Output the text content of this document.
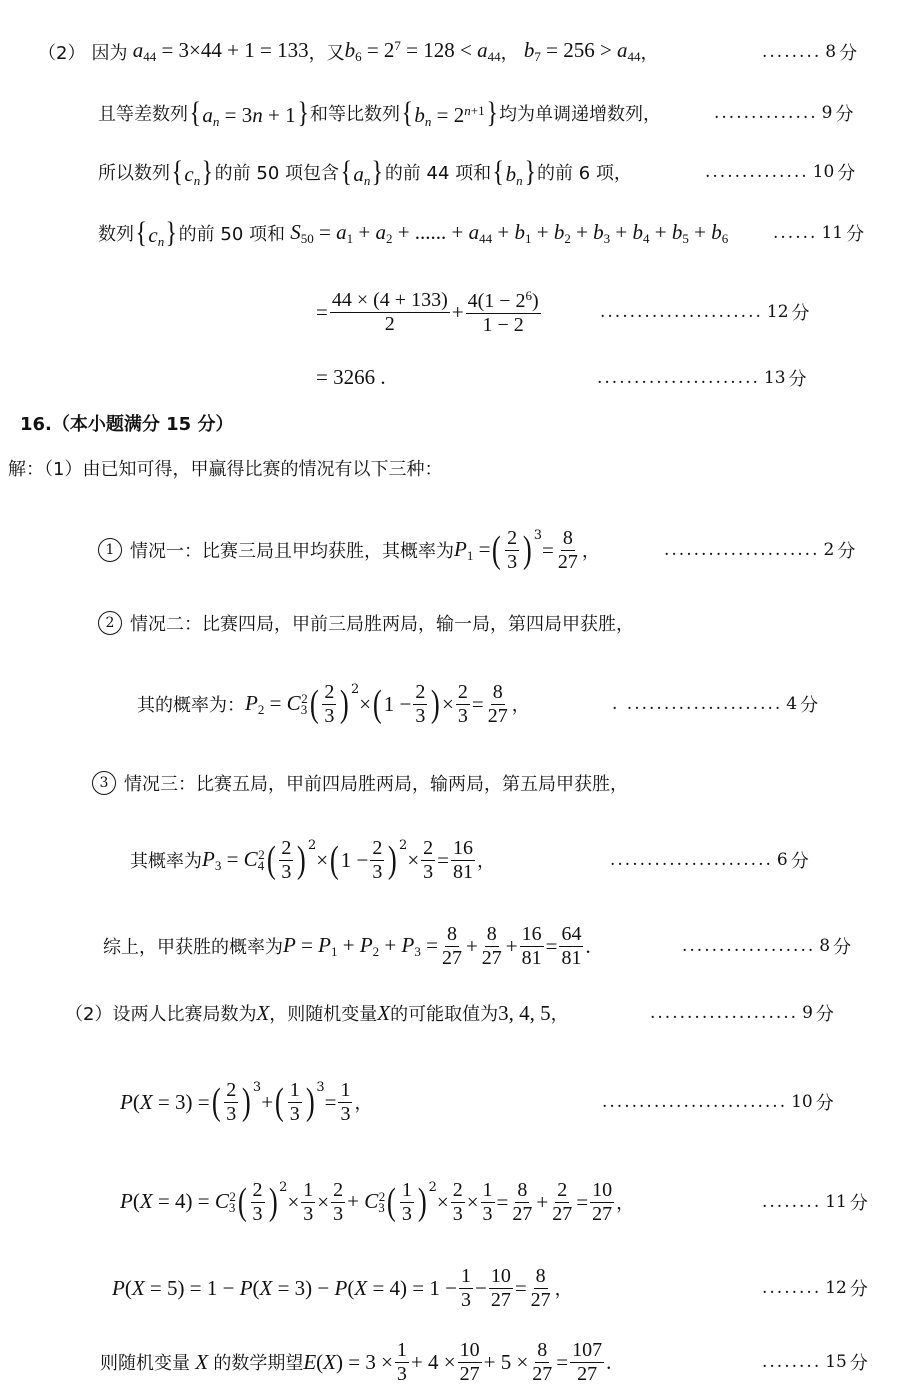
（2） 因为 $a_{44} = 3\times 44 + 1 = 133$ ，又 $b_6 = 2^7 = 128 < a_{44}$ ， $b_7 = 256 > a_{44}$ ，	........ 8 分
且等差数列 $\{a_n = 3n + 1\}$ 和等比数列 $\{b_n = 2^{n+1}\}$ 均为单调递增数列，	.............. 9 分
所以数列 $\{c_n\}$ 的前 50 项包含 $\{a_n\}$ 的前 44 项和 $\{b_n\}$ 的前 6 项，	.............. 10 分
数列 $\{c_n\}$ 的前 50 项和 $S_{50} = a_1 + a_2$ + ...... + $a_{44} + b_1 + b_2 + b_3 + b_4 + b_5 + b_6$	...... 11 分
= $\frac{44 \times (4 + 133)}{2} + \frac{4(1 - 2^6)}{1 - 2}$	...................... 12 分
= 3266 .	...................... 13 分
16.（本小题满分 15 分）
解：（1）由已知可得，甲赢得比赛的情况有以下三种：
1 情况一：比赛三局且甲均获胜，其概率为 $P_1$ = ( $\frac{2}{3} )^3$
= $\frac{8}{27}$ ，	..................... 2 分
2 情况二：比赛四局，甲前三局胜两局，输一局，第四局甲获胜，
其的概率为： $P_2 = C_3^2$ ( $\frac{2}{3} )^2$
× ( $1 - \frac{2}{3}$ ) × $\frac{2}{3} = \frac{8}{27}$ ，	. ..................... 4 分
3 情况三：比赛五局，甲前四局胜两局，输两局，第五局甲获胜，
其概率为 $P_3 = C_4^2$ ( $\frac{2}{3} )^2$
× ( $1 - \frac{2}{3} )^2$
× $\frac{2}{3} = \frac{16}{81}$ ，	...................... 6 分
综上，甲获胜的概率为 $P = P_1 + P_2 + P_3 = \frac{8}{27} + \frac{8}{27} + \frac{16}{81} = \frac{64}{81}$ .	.................. 8 分
（2）设两人比赛局数为 X ，则随机变量 X 的可能取值为 3, 4, 5 ，	.................... 9 分
P(X = 3) = ( $\frac{2}{3} )^3$
+ ( $\frac{1}{3} )^3$
= $\frac{1}{3}$ ，	......................... 10 分
$P(X = 4) = C_3^2$ ( $\frac{2}{3} )^2$
× $\frac{1}{3} \times \frac{2}{3} + C_3^2$ ( $\frac{1}{3} )^2$
× $\frac{2}{3} \times \frac{1}{3} = \frac{8}{27} + \frac{2}{27} = \frac{10}{27}$ ，	........ 11 分
$P(X = 5) = 1 - P(X = 3) - P(X = 4) = 1 - \frac{1}{3} - \frac{10}{27} = \frac{8}{27}$ ，	........ 12 分
则随机变量 X 的数学期望 $E(X) = 3 \times \frac{1}{3} + 4 \times \frac{10}{27} + 5 \times \frac{8}{27} = \frac{107}{27}$ .	........ 15 分
